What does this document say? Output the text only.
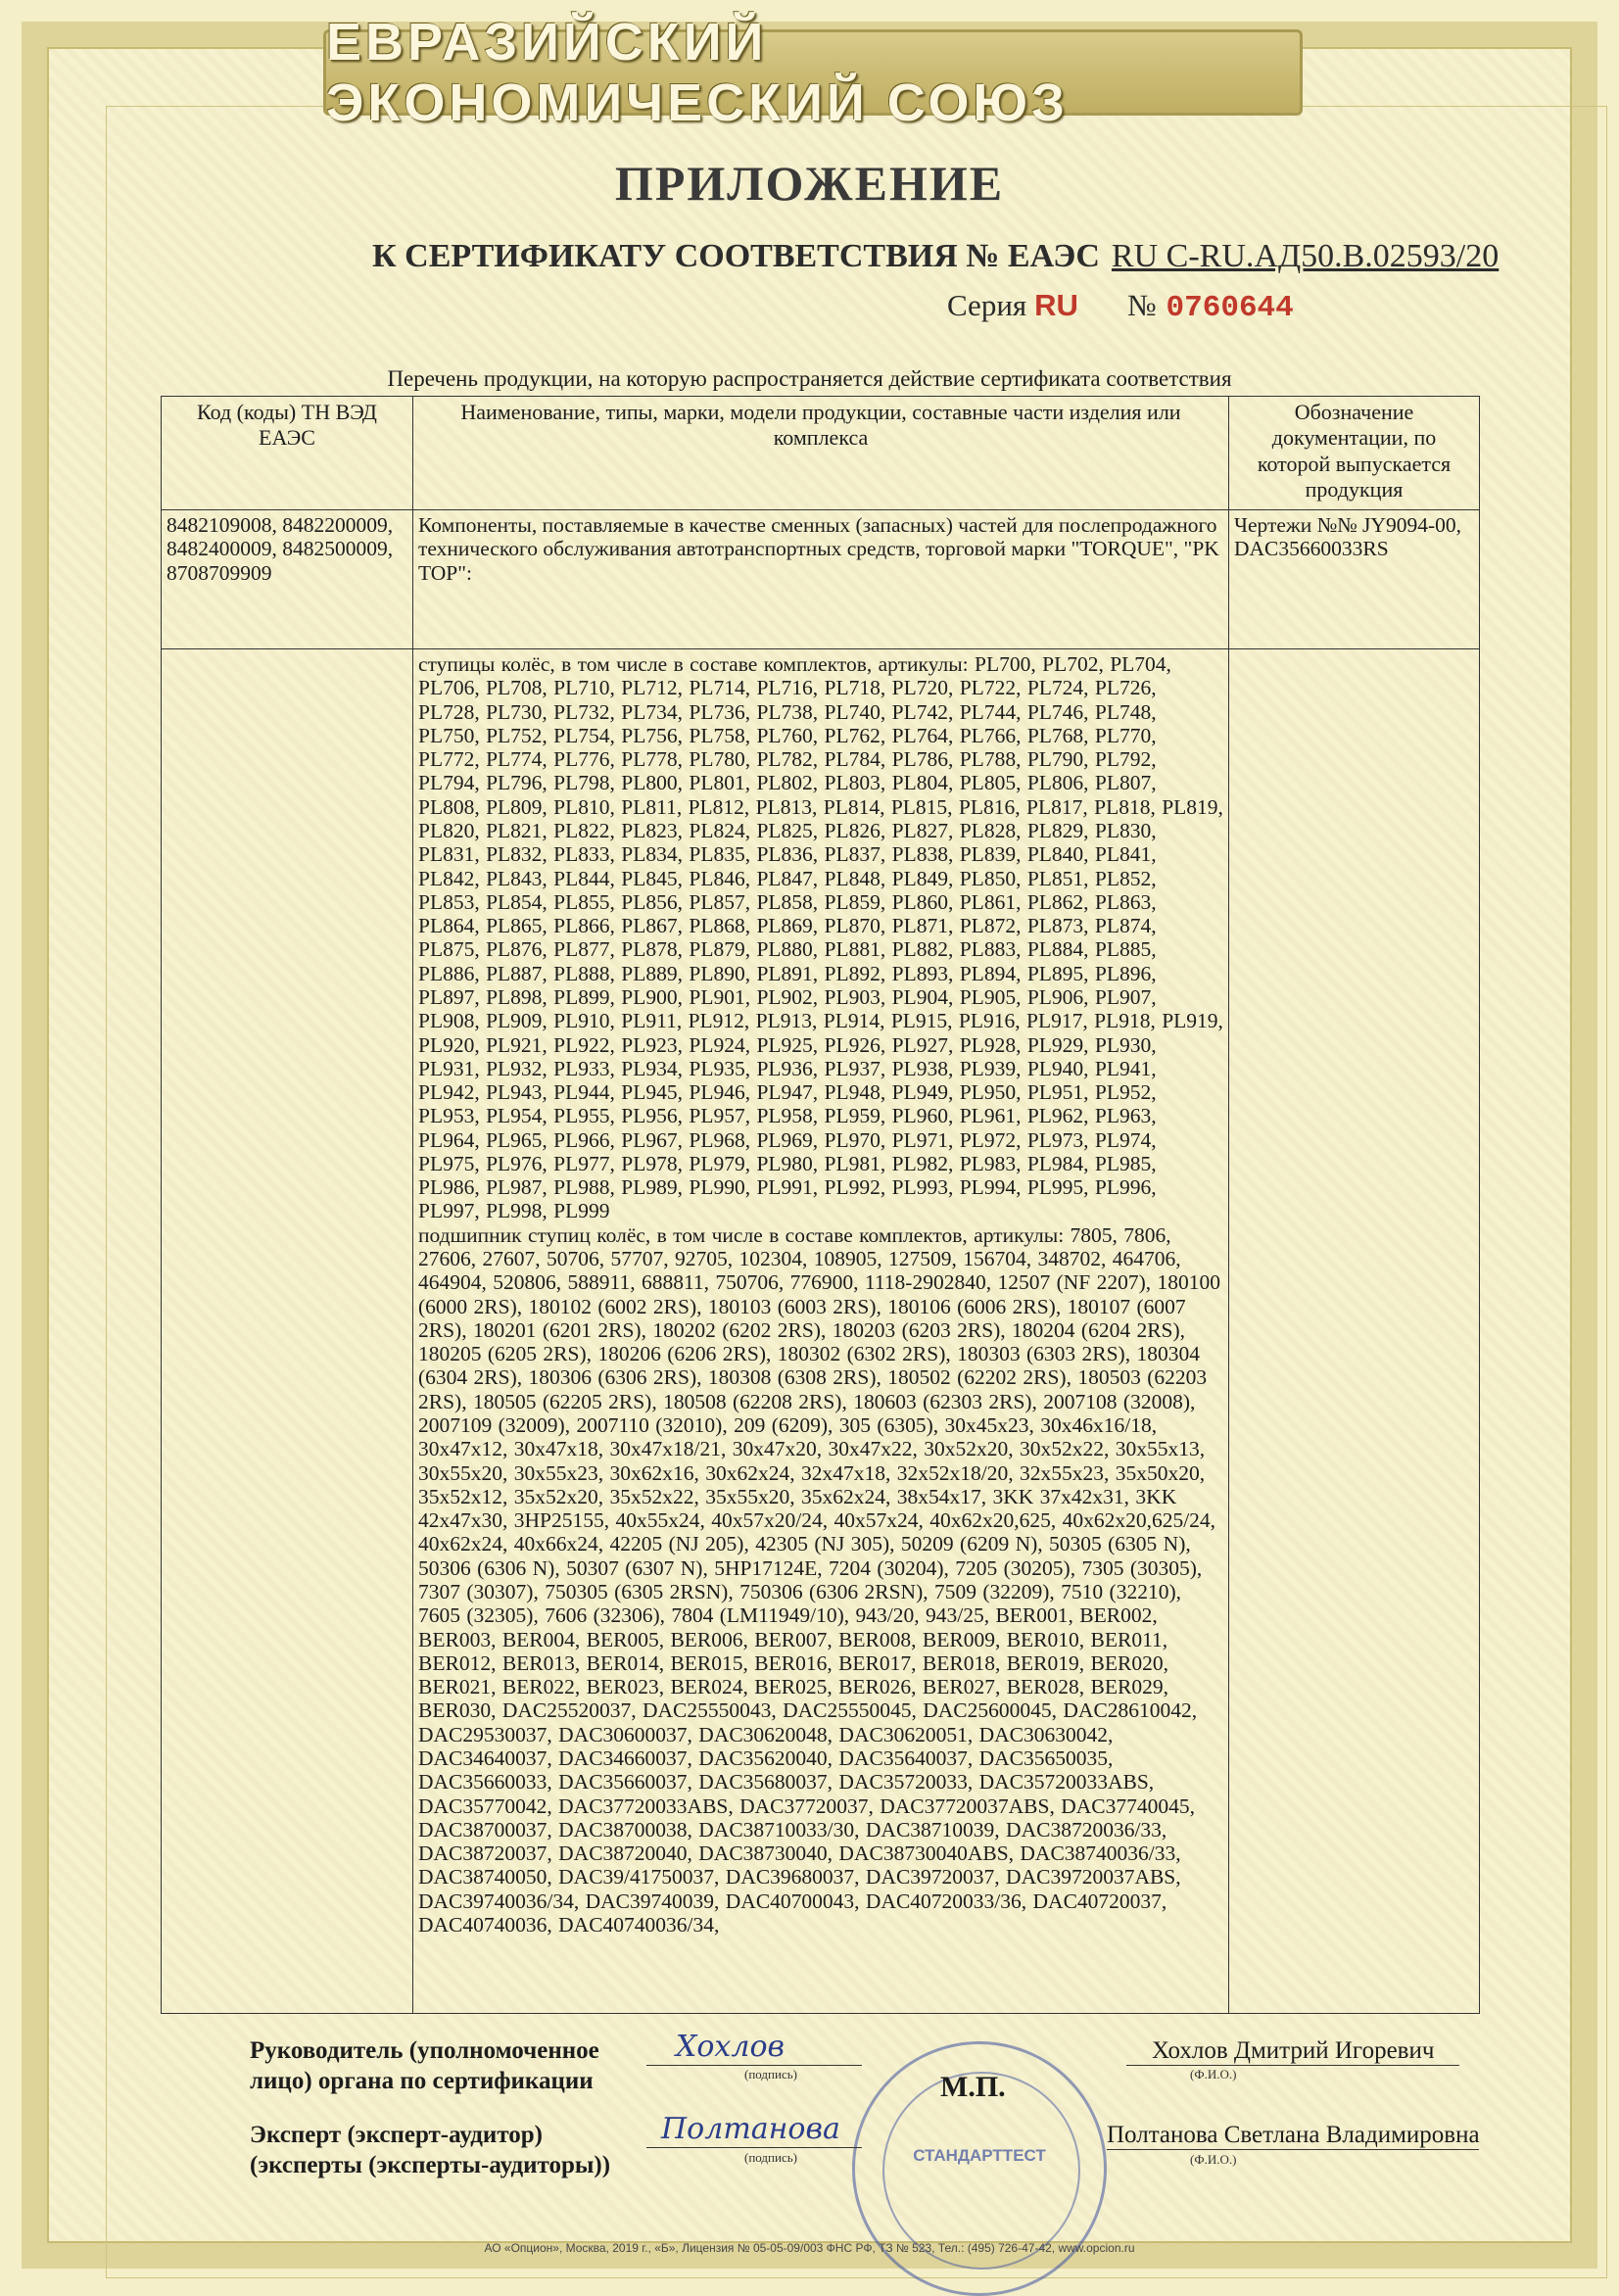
ЕВРАЗИЙСКИЙ ЭКОНОМИЧЕСКИЙ СОЮЗ
ПРИЛОЖЕНИЕ
К СЕРТИФИКАТУ СООТВЕТСТВИЯ № ЕАЭС RU C-RU.АД50.В.02593/20
Серия RU № 0760644
Перечень продукции, на которую распространяется действие сертификата соответствия
Код (коды) ТН ВЭД ЕАЭС	Наименование, типы, марки, модели продукции, составные части изделия или комплекса	Обозначение документации, по которой выпускается продукция
8482109008, 8482200009, 8482400009, 8482500009, 8708709909	Компоненты, поставляемые в качестве сменных (запасных) частей для послепродажного технического обслуживания автотранспортных средств, торговой марки "TORQUE", "PK TOP":	Чертежи №№ JY9094-00, DAC35660033RS

	ступицы колёс, в том числе в составе комплектов, артикулы: PL700, PL702, PL704, PL706, PL708, PL710, PL712, PL714, PL716, PL718, PL720, PL722, PL724, PL726, PL728, PL730, PL732, PL734, PL736, PL738, PL740, PL742, PL744, PL746, PL748, PL750, PL752, PL754, PL756, PL758, PL760, PL762, PL764, PL766, PL768, PL770, PL772, PL774, PL776, PL778, PL780, PL782, PL784, PL786, PL788, PL790, PL792, PL794, PL796, PL798, PL800, PL801, PL802, PL803, PL804, PL805, PL806, PL807, PL808, PL809, PL810, PL811, PL812, PL813, PL814, PL815, PL816, PL817, PL818, PL819, PL820, PL821, PL822, PL823, PL824, PL825, PL826, PL827, PL828, PL829, PL830, PL831, PL832, PL833, PL834, PL835, PL836, PL837, PL838, PL839, PL840, PL841, PL842, PL843, PL844, PL845, PL846, PL847, PL848, PL849, PL850, PL851, PL852, PL853, PL854, PL855, PL856, PL857, PL858, PL859, PL860, PL861, PL862, PL863, PL864, PL865, PL866, PL867, PL868, PL869, PL870, PL871, PL872, PL873, PL874, PL875, PL876, PL877, PL878, PL879, PL880, PL881, PL882, PL883, PL884, PL885, PL886, PL887, PL888, PL889, PL890, PL891, PL892, PL893, PL894, PL895, PL896, PL897, PL898, PL899, PL900, PL901, PL902, PL903, PL904, PL905, PL906, PL907, PL908, PL909, PL910, PL911, PL912, PL913, PL914, PL915, PL916, PL917, PL918, PL919, PL920, PL921, PL922, PL923, PL924, PL925, PL926, PL927, PL928, PL929, PL930, PL931, PL932, PL933, PL934, PL935, PL936, PL937, PL938, PL939, PL940, PL941, PL942, PL943, PL944, PL945, PL946, PL947, PL948, PL949, PL950, PL951, PL952, PL953, PL954, PL955, PL956, PL957, PL958, PL959, PL960, PL961, PL962, PL963, PL964, PL965, PL966, PL967, PL968, PL969, PL970, PL971, PL972, PL973, PL974, PL975, PL976, PL977, PL978, PL979, PL980, PL981, PL982, PL983, PL984, PL985, PL986, PL987, PL988, PL989, PL990, PL991, PL992, PL993, PL994, PL995, PL996, PL997, PL998, PL999
подшипник ступиц колёс, в том числе в составе комплектов, артикулы: 7805, 7806, 27606, 27607, 50706, 57707, 92705, 102304, 108905, 127509, 156704, 348702, 464706, 464904, 520806, 588911, 688811, 750706, 776900, 1118-2902840, 12507 (NF 2207), 180100 (6000 2RS), 180102 (6002 2RS), 180103 (6003 2RS), 180106 (6006 2RS), 180107 (6007 2RS), 180201 (6201 2RS), 180202 (6202 2RS), 180203 (6203 2RS), 180204 (6204 2RS), 180205 (6205 2RS), 180206 (6206 2RS), 180302 (6302 2RS), 180303 (6303 2RS), 180304 (6304 2RS), 180306 (6306 2RS), 180308 (6308 2RS), 180502 (62202 2RS), 180503 (62203 2RS), 180505 (62205 2RS), 180508 (62208 2RS), 180603 (62303 2RS), 2007108 (32008), 2007109 (32009), 2007110 (32010), 209 (6209), 305 (6305), 30x45x23, 30x46x16/18, 30x47x12, 30x47x18, 30x47x18/21, 30x47x20, 30x47x22, 30x52x20, 30x52x22, 30x55x13, 30x55x20, 30x55x23, 30x62x16, 30x62x24, 32x47x18, 32x52x18/20, 32x55x23, 35x50x20, 35x52x12, 35x52x20, 35x52x22, 35x55x20, 35x62x24, 38x54x17, 3KK 37x42x31, 3KK 42x47x30, 3HP25155, 40x55x24, 40x57x20/24, 40x57x24, 40x62x20,625, 40x62x20,625/24, 40x62x24, 40x66x24, 42205 (NJ 205), 42305 (NJ 305), 50209 (6209 N), 50305 (6305 N), 50306 (6306 N), 50307 (6307 N), 5HP17124E, 7204 (30204), 7205 (30205), 7305 (30305), 7307 (30307), 750305 (6305 2RSN), 750306 (6306 2RSN), 7509 (32209), 7510 (32210), 7605 (32305), 7606 (32306), 7804 (LM11949/10), 943/20, 943/25, BER001, BER002, BER003, BER004, BER005, BER006, BER007, BER008, BER009, BER010, BER011, BER012, BER013, BER014, BER015, BER016, BER017, BER018, BER019, BER020, BER021, BER022, BER023, BER024, BER025, BER026, BER027, BER028, BER029, BER030, DAC25520037, DAC25550043, DAC25550045, DAC25600045, DAC28610042, DAC29530037, DAC30600037, DAC30620048, DAC30620051, DAC30630042, DAC34640037, DAC34660037, DAC35620040, DAC35640037, DAC35650035, DAC35660033, DAC35660037, DAC35680037, DAC35720033, DAC35720033ABS, DAC35770042, DAC37720033ABS, DAC37720037, DAC37720037ABS, DAC37740045, DAC38700037, DAC38700038, DAC38710033/30, DAC38710039, DAC38720036/33, DAC38720037, DAC38720040, DAC38730040, DAC38730040ABS, DAC38740036/33, DAC38740050, DAC39/41750037, DAC39680037, DAC39720037, DAC39720037ABS, DAC39740036/34, DAC39740039, DAC40700043, DAC40720033/36, DAC40720037, DAC40740036, DAC40740036/34,	

Руководитель (уполномоченное
лицо) органа по сертификации
Хохлов
(подпись)
Хохлов Дмитрий Игоревич
(Ф.И.О.)
СТАНДАРТТЕСТ
М.П.
Эксперт (эксперт-аудитор)
(эксперты (эксперты-аудиторы))
Полтанова
(подпись)
Полтанова Светлана Владимировна
(Ф.И.О.)
АО «Опцион», Москва, 2019 г., «Б», Лицензия № 05-05-09/003 ФНС РФ, ТЗ № 523, Тел.: (495) 726-47-42, www.opcion.ru
